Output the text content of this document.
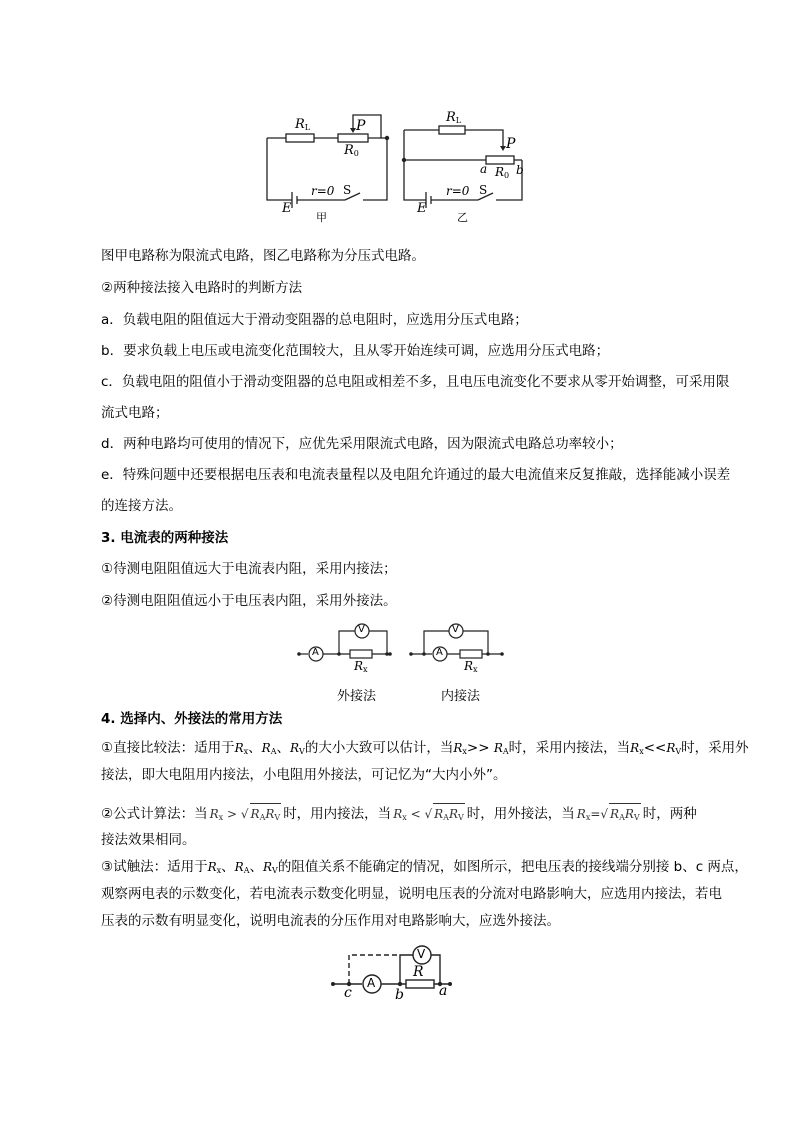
$R_L$	P
$R_0$
r=0 S
E
甲
$R_L$
P
a $R_0$ b
r=0 S
E
乙
图甲电路称为限流式电路，图乙电路称为分压式电路。
②两种接法接入电路时的判断方法
a．负载电阻的阻值远大于滑动变阻器的总电阻时，应选用分压式电路；
b．要求负载上电压或电流变化范围较大，且从零开始连续可调，应选用分压式电路；
c．负载电阻的阻值小于滑动变阻器的总电阻或相差不多，且电压电流变化不要求从零开始调整，可采用限
流式电路；
d．两种电路均可使用的情况下，应优先采用限流式电路，因为限流式电路总功率较小；
e．特殊问题中还要根据电压表和电流表量程以及电阻允许通过的最大电流值来反复推敲，选择能减小误差
的连接方法。
3. 电流表的两种接法
①待测电阻阻值远大于电流表内阻，采用内接法；
②待测电阻阻值远小于电压表内阻，采用外接法。
A
V
$R_x$
A
V
$R_x$
外接法	内接法
4. 选择内、外接法的常用方法
①直接比较法：适用于$R_x$、$R_A$、$R_V$的大小大致可以估计，当$R_x>> R_A$时，采用内接法，当$R_x<<R_V$时，采用外
接法，即大电阻用内接法，小电阻用外接法，可记忆为“大内小外”。
②公式计算法：当 $R_x$ > √ $R_AR_V$ 时，用内接法，当 $R_x$ < √ $R_AR_V$ 时，用外接法，当 $R_x=√$ $R_AR_V$ 时，两种
接法效果相同。
③试触法：适用于$R_x$、$R_A$、$R_V$的阻值关系不能确定的情况，如图所示，把电压表的接线端分别接 b、c 两点，
观察两电表的示数变化，若电流表示数变化明显，说明电压表的分流对电路影响大，应选用内接法，若电
压表的示数有明显变化，说明电流表的分压作用对电路影响大，应选外接法。
A
V
R
c	b	a
